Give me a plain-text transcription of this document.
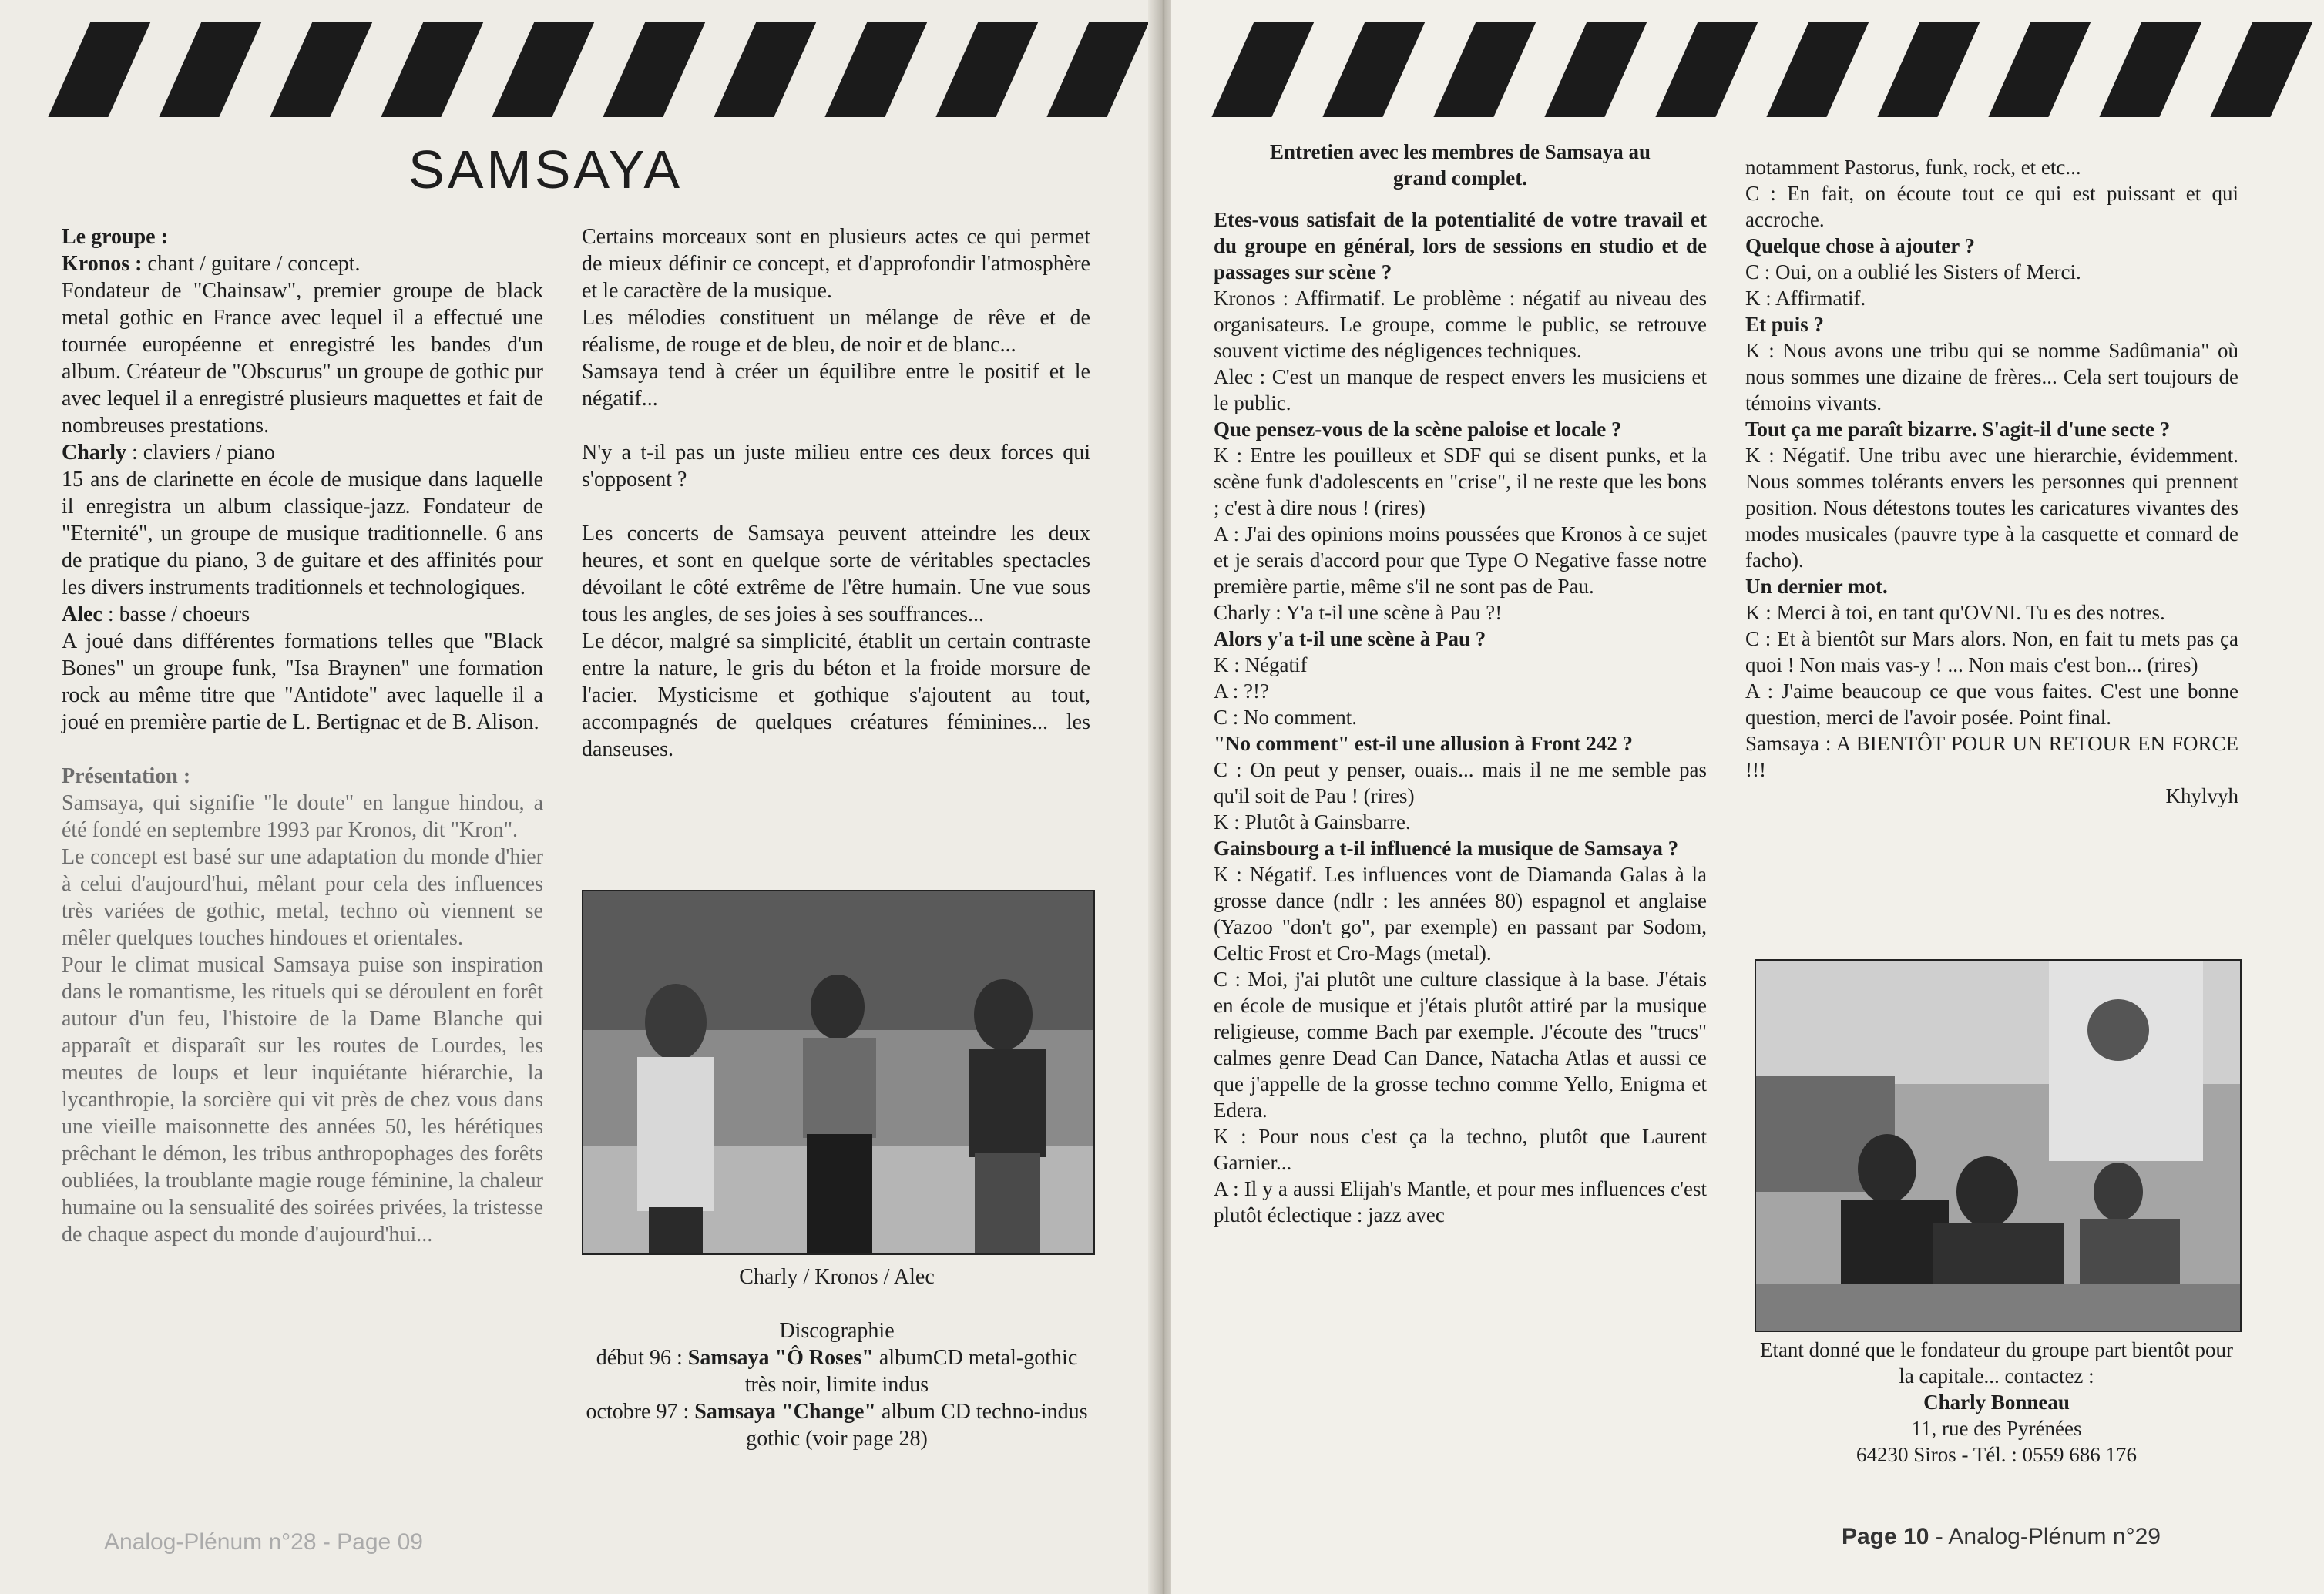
SAMSAYA

Le groupe :

Kronos : chant / guitare / concept.

Fondateur de "Chainsaw", premier groupe de black metal gothic en France avec lequel il a effectué une tournée européenne et enregistré les bandes d'un album. Créateur de "Obscurus" un groupe de gothic pur avec lequel il a enregistré plusieurs maquettes et fait de nombreuses prestations.

Charly : claviers / piano

15 ans de clarinette en école de musique dans laquelle il enregistra un album classique-jazz. Fondateur de "Eternité", un groupe de musique traditionnelle. 6 ans de pratique du piano, 3 de guitare et des affinités pour les divers instruments traditionnels et technologiques.

Alec : basse / choeurs

A joué dans différentes formations telles que "Black Bones" un groupe funk, "Isa Braynen" une formation rock au même titre que "Antidote" avec laquelle il a joué en première partie de L. Bertignac et de B. Alison.

Présentation :

Samsaya, qui signifie "le doute" en langue hindou, a été fondé en septembre 1993 par Kronos, dit "Kron".

Le concept est basé sur une adaptation du monde d'hier à celui d'aujourd'hui, mêlant pour cela des influences très variées de gothic, metal, techno où viennent se mêler quelques touches hindoues et orientales.

Pour le climat musical Samsaya puise son inspiration dans le romantisme, les rituels qui se déroulent en forêt autour d'un feu, l'histoire de la Dame Blanche qui apparaît et disparaît sur les routes de Lourdes, les meutes de loups et leur inquiétante hiérarchie, la lycanthropie, la sorcière qui vit près de chez vous dans une vieille maisonnette des années 50, les hérétiques prêchant le démon, les tribus anthropophages des forêts oubliées, la troublante magie rouge féminine, la chaleur humaine ou la sensualité des soirées privées, la tristesse de chaque aspect du monde d'aujourd'hui...

Certains morceaux sont en plusieurs actes ce qui permet de mieux définir ce concept, et d'approfondir l'atmosphère et le caractère de la musique.

Les mélodies constituent un mélange de rêve et de réalisme, de rouge et de bleu, de noir et de blanc...

Samsaya tend à créer un équilibre entre le positif et le négatif...

N'y a t-il pas un juste milieu entre ces deux forces qui s'opposent ?

Les concerts de Samsaya peuvent atteindre les deux heures, et sont en quelque sorte de véritables spectacles dévoilant le côté extrême de l'être humain. Une vue sous tous les angles, de ses joies à ses souffrances...

Le décor, malgré sa simplicité, établit un certain contraste entre la nature, le gris du béton et la froide morsure de l'acier. Mysticisme et gothique s'ajoutent au tout, accompagnés de quelques créatures féminines... les danseuses.

Charly / Kronos / Alec

Discographie

début 96 : Samsaya "Ô Roses" albumCD metal-gothic très noir, limite indus

octobre 97 : Samsaya "Change" album CD techno-indus gothic (voir page 28)

Analog-Plénum n°28 - Page 09

Entretien avec les membres de Samsaya au grand complet.

Etes-vous satisfait de la potentialité de votre travail et du groupe en général, lors de sessions en studio et de passages sur scène ?

Kronos : Affirmatif. Le problème : négatif au niveau des organisateurs. Le groupe, comme le public, se retrouve souvent victime des négligences techniques.

Alec : C'est un manque de respect envers les musiciens et le public.

Que pensez-vous de la scène paloise et locale ?

K : Entre les pouilleux et SDF qui se disent punks, et la scène funk d'adolescents en "crise", il ne reste que les bons ; c'est à dire nous ! (rires)

A : J'ai des opinions moins poussées que Kronos à ce sujet et je serais d'accord pour que Type O Negative fasse notre première partie, même s'il ne sont pas de Pau.

Charly : Y'a t-il une scène à Pau ?!

Alors y'a t-il une scène à Pau ?

K : Négatif

A : ?!?

C : No comment.

"No comment" est-il une allusion à Front 242 ?

C : On peut y penser, ouais... mais il ne me semble pas qu'il soit de Pau ! (rires)

K : Plutôt à Gainsbarre.

Gainsbourg a t-il influencé la musique de Samsaya ?

K : Négatif. Les influences vont de Diamanda Galas à la grosse dance (ndlr : les années 80) espagnol et anglaise (Yazoo "don't go", par exemple) en passant par Sodom, Celtic Frost et Cro-Mags (metal).

C : Moi, j'ai plutôt une culture classique à la base. J'étais en école de musique et j'étais plutôt attiré par la musique religieuse, comme Bach par exemple. J'écoute des "trucs" calmes genre Dead Can Dance, Natacha Atlas et aussi ce que j'appelle de la grosse techno comme Yello, Enigma et Edera.

K : Pour nous c'est ça la techno, plutôt que Laurent Garnier...

A : Il y a aussi Elijah's Mantle, et pour mes influences c'est plutôt éclectique : jazz avec

notamment Pastorus, funk, rock, et etc...

C : En fait, on écoute tout ce qui est puissant et qui accroche.

Quelque chose à ajouter ?

C : Oui, on a oublié les Sisters of Merci.

K : Affirmatif.

Et puis ?

K : Nous avons une tribu qui se nomme Sadûmania" où nous sommes une dizaine de frères... Cela sert toujours de témoins vivants.

Tout ça me paraît bizarre. S'agit-il d'une secte ?

K : Négatif. Une tribu avec une hierarchie, évidemment. Nous sommes tolérants envers les personnes qui prennent position. Nous détestons toutes les caricatures vivantes des modes musicales (pauvre type à la casquette et connard de facho).

Un dernier mot.

K : Merci à toi, en tant qu'OVNI. Tu es des notres.

C : Et à bientôt sur Mars alors. Non, en fait tu mets pas ça quoi ! Non mais vas-y ! ... Non mais c'est bon... (rires)

A : J'aime beaucoup ce que vous faites. C'est une bonne question, merci de l'avoir posée. Point final.

Samsaya : A BIENTÔT POUR UN RETOUR EN FORCE !!!

Khylvyh

Etant donné que le fondateur du groupe part bientôt pour la capitale... contactez :

Charly Bonneau

11, rue des Pyrénées

64230 Siros - Tél. : 0559 686 176

Page 10 - Analog-Plénum n°29
